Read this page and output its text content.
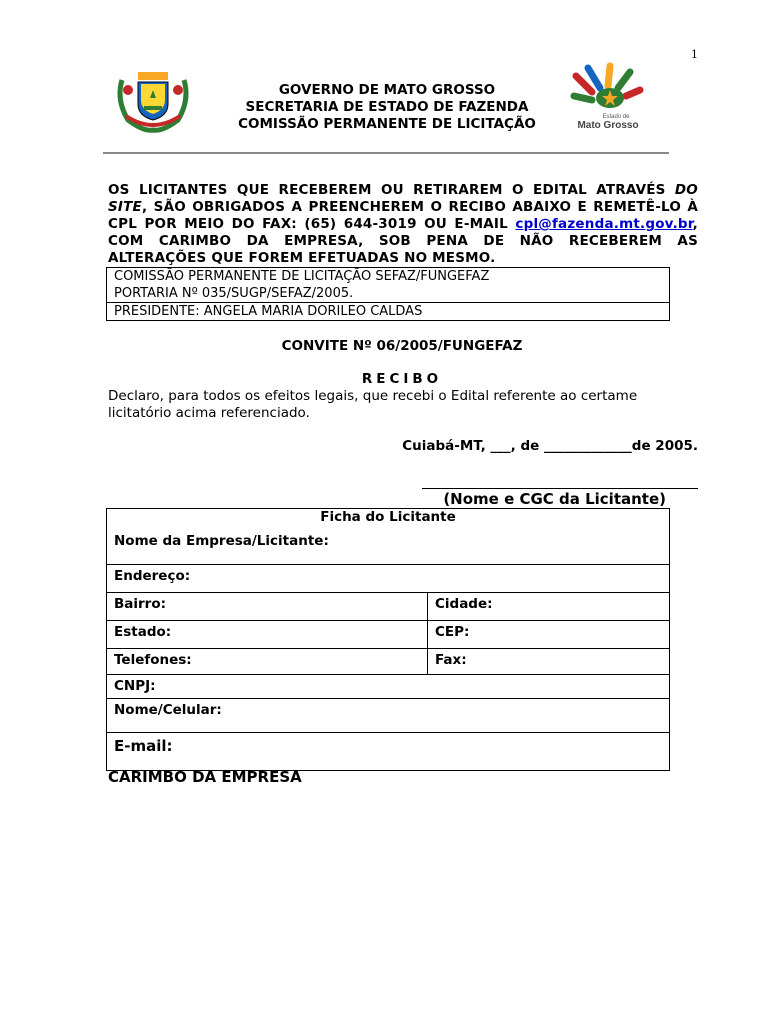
1
GOVERNO DE MATO GROSSO
SECRETARIA DE ESTADO DE FAZENDA
COMISSÃO PERMANENTE DE LICITAÇÃO	Estado de
Mato Grosso
OS LICITANTES QUE RECEBEREM OU RETIRAREM O EDITAL ATRAVÉS DO SITE, SÃO OBRIGADOS A PREENCHEREM O RECIBO ABAIXO E REMETÊ-LO À CPL POR MEIO DO FAX: (65) 644-3019 OU E-MAIL cpl@fazenda.mt.gov.br, COM CARIMBO DA EMPRESA, SOB PENA DE NÃO RECEBEREM AS ALTERAÇÕES QUE FOREM EFETUADAS NO MESMO.
COMISSÃO PERMANENTE DE LICITAÇÃO SEFAZ/FUNGEFAZ
PORTARIA Nº 035/SUGP/SEFAZ/2005.
PRESIDENTE: ANGELA MARIA DORILEO CALDAS
CONVITE Nº 06/2005/FUNGEFAZ
RECIBO
Declaro, para todos os efeitos legais, que recebi o Edital referente ao certame licitatório acima referenciado.
Cuiabá-MT, ___, de _____________de 2005.
(Nome e CGC da Licitante)
Ficha do Licitante	
Nome da Empresa/Licitante:	
Endereço:	
Bairro:	Cidade:
Estado:	CEP:
Telefones:	Fax:
CNPJ:	
Nome/Celular:	
E-mail:	
CARIMBO DA EMPRESA
